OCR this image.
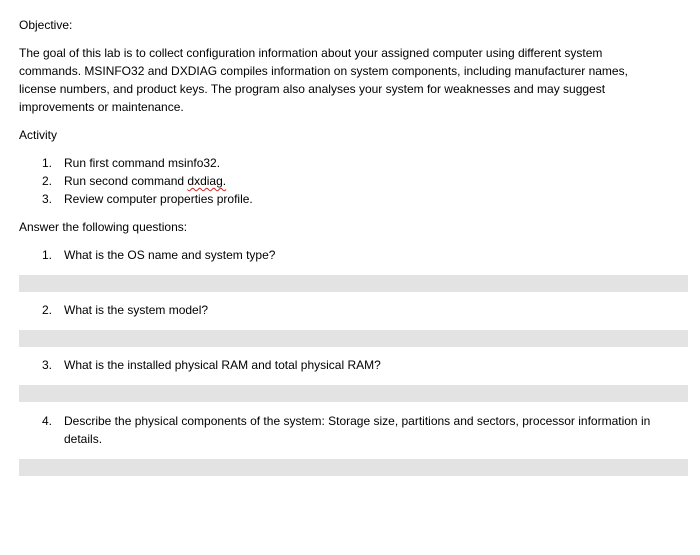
Objective:
The goal of this lab is to collect configuration information about your assigned computer using different system
commands. MSINFO32 and DXDIAG compiles information on system components, including manufacturer names,
license numbers, and product keys. The program also analyses your system for weaknesses and may suggest
improvements or maintenance.
Activity
1. Run first command msinfo32.
2. Run second command dxdiag.
3. Review computer properties profile.
Answer the following questions:
1. What is the OS name and system type?
2. What is the system model?
3. What is the installed physical RAM and total physical RAM?
4. Describe the physical components of the system: Storage size, partitions and sectors, processor information in details.
